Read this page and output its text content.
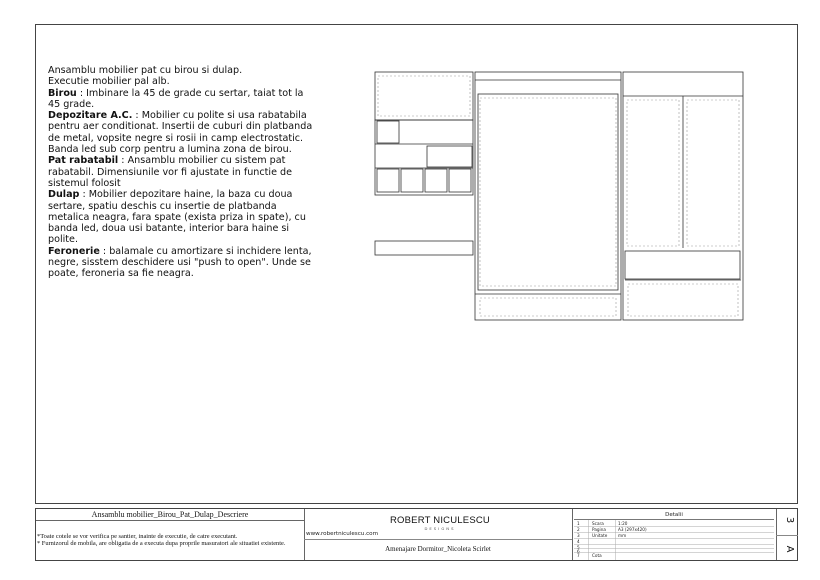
Ansamblu mobilier pat cu birou si dulap.

Executie mobilier pal alb.

Birou : Imbinare la 45 de grade cu sertar, taiat tot la 45 grade.

Depozitare A.C. : Mobilier cu polite si usa rabatabila pentru aer conditionat. Insertii de cuburi din platbanda de metal, vopsite negre si rosii in camp electrostatic. Banda led sub corp pentru a lumina zona de birou.

Pat rabatabil : Ansamblu mobilier cu sistem pat rabatabil. Dimensiunile vor fi ajustate in functie de sistemul folosit

Dulap : Mobilier depozitare haine, la baza cu doua sertare, spatiu deschis cu insertie de platbanda metalica neagra, fara spate (exista priza in spate), cu banda led, doua usi batante, interior bara haine si polite.

Feronerie : balamale cu amortizare si inchidere lenta, negre, sisstem deschidere usi "push to open". Unde se poate, feroneria sa fie neagra.

Ansamblu mobilier_Birou_Pat_Dulap_Descriere

*Toate cotele se vor verifica pe santier, inainte de executie, de catre executant.

* Furnizorul de mobila, are obligatia de a executa dupa proprile masuratori ale situatiei existente.

www.robertniculescu.com
ROBERT NICULESCU
DESIGNS
Amenajare Dormitor_Nicoleta Scirlet
Detalii
1	Scara	1:20
2	Pagina	A3 (297x420)
3	Unitate	mm
4
5
6
7	Cota
3
A
